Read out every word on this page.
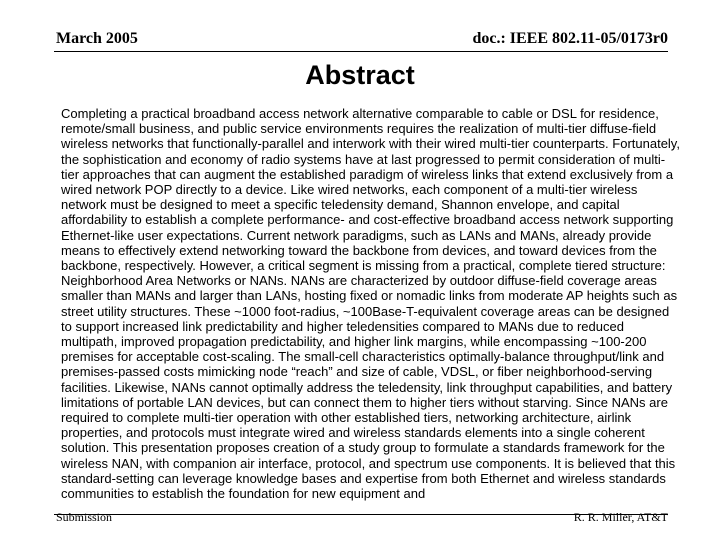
March 2005	doc.: IEEE 802.11-05/0173r0
Abstract

Completing a practical broadband access network alternative comparable to cable or DSL for residence, remote/small business, and public service environments requires the realization of multi-tier diffuse-field wireless networks that functionally-parallel and interwork with their wired multi-tier counterparts. Fortunately, the sophistication and economy of radio systems have at last progressed to permit consideration of multi-tier approaches that can augment the established paradigm of wireless links that extend exclusively from a wired network POP directly to a device. Like wired networks, each component of a multi-tier wireless network must be designed to meet a specific teledensity demand, Shannon envelope, and capital affordability to establish a complete performance- and cost-effective broadband access network supporting Ethernet-like user expectations. Current network paradigms, such as LANs and MANs, already provide means to effectively extend networking toward the backbone from devices, and toward devices from the backbone, respectively. However, a critical segment is missing from a practical, complete tiered structure: Neighborhood Area Networks or NANs. NANs are characterized by outdoor diffuse-field coverage areas smaller than MANs and larger than LANs, hosting fixed or nomadic links from moderate AP heights such as street utility structures. These ~1000 foot-radius, ~100Base-T-equivalent coverage areas can be designed to support increased link predictability and higher teledensities compared to MANs due to reduced multipath, improved propagation predictability, and higher link margins, while encompassing ~100-200 premises for acceptable cost-scaling. The small-cell characteristics optimally-balance throughput/link and premises-passed costs mimicking node “reach” and size of cable, VDSL, or fiber neighborhood-serving facilities. Likewise, NANs cannot optimally address the teledensity, link throughput capabilities, and battery limitations of portable LAN devices, but can connect them to higher tiers without starving. Since NANs are required to complete multi-tier operation with other established tiers, networking architecture, airlink properties, and protocols must integrate wired and wireless standards elements into a single coherent solution. This presentation proposes creation of a study group to formulate a standards framework for the wireless NAN, with companion air interface, protocol, and spectrum use components. It is believed that this standard-setting can leverage knowledge bases and expertise from both Ethernet and wireless standards communities to establish the foundation for new equipment and

Submission	R. R. Miller, AT&T
